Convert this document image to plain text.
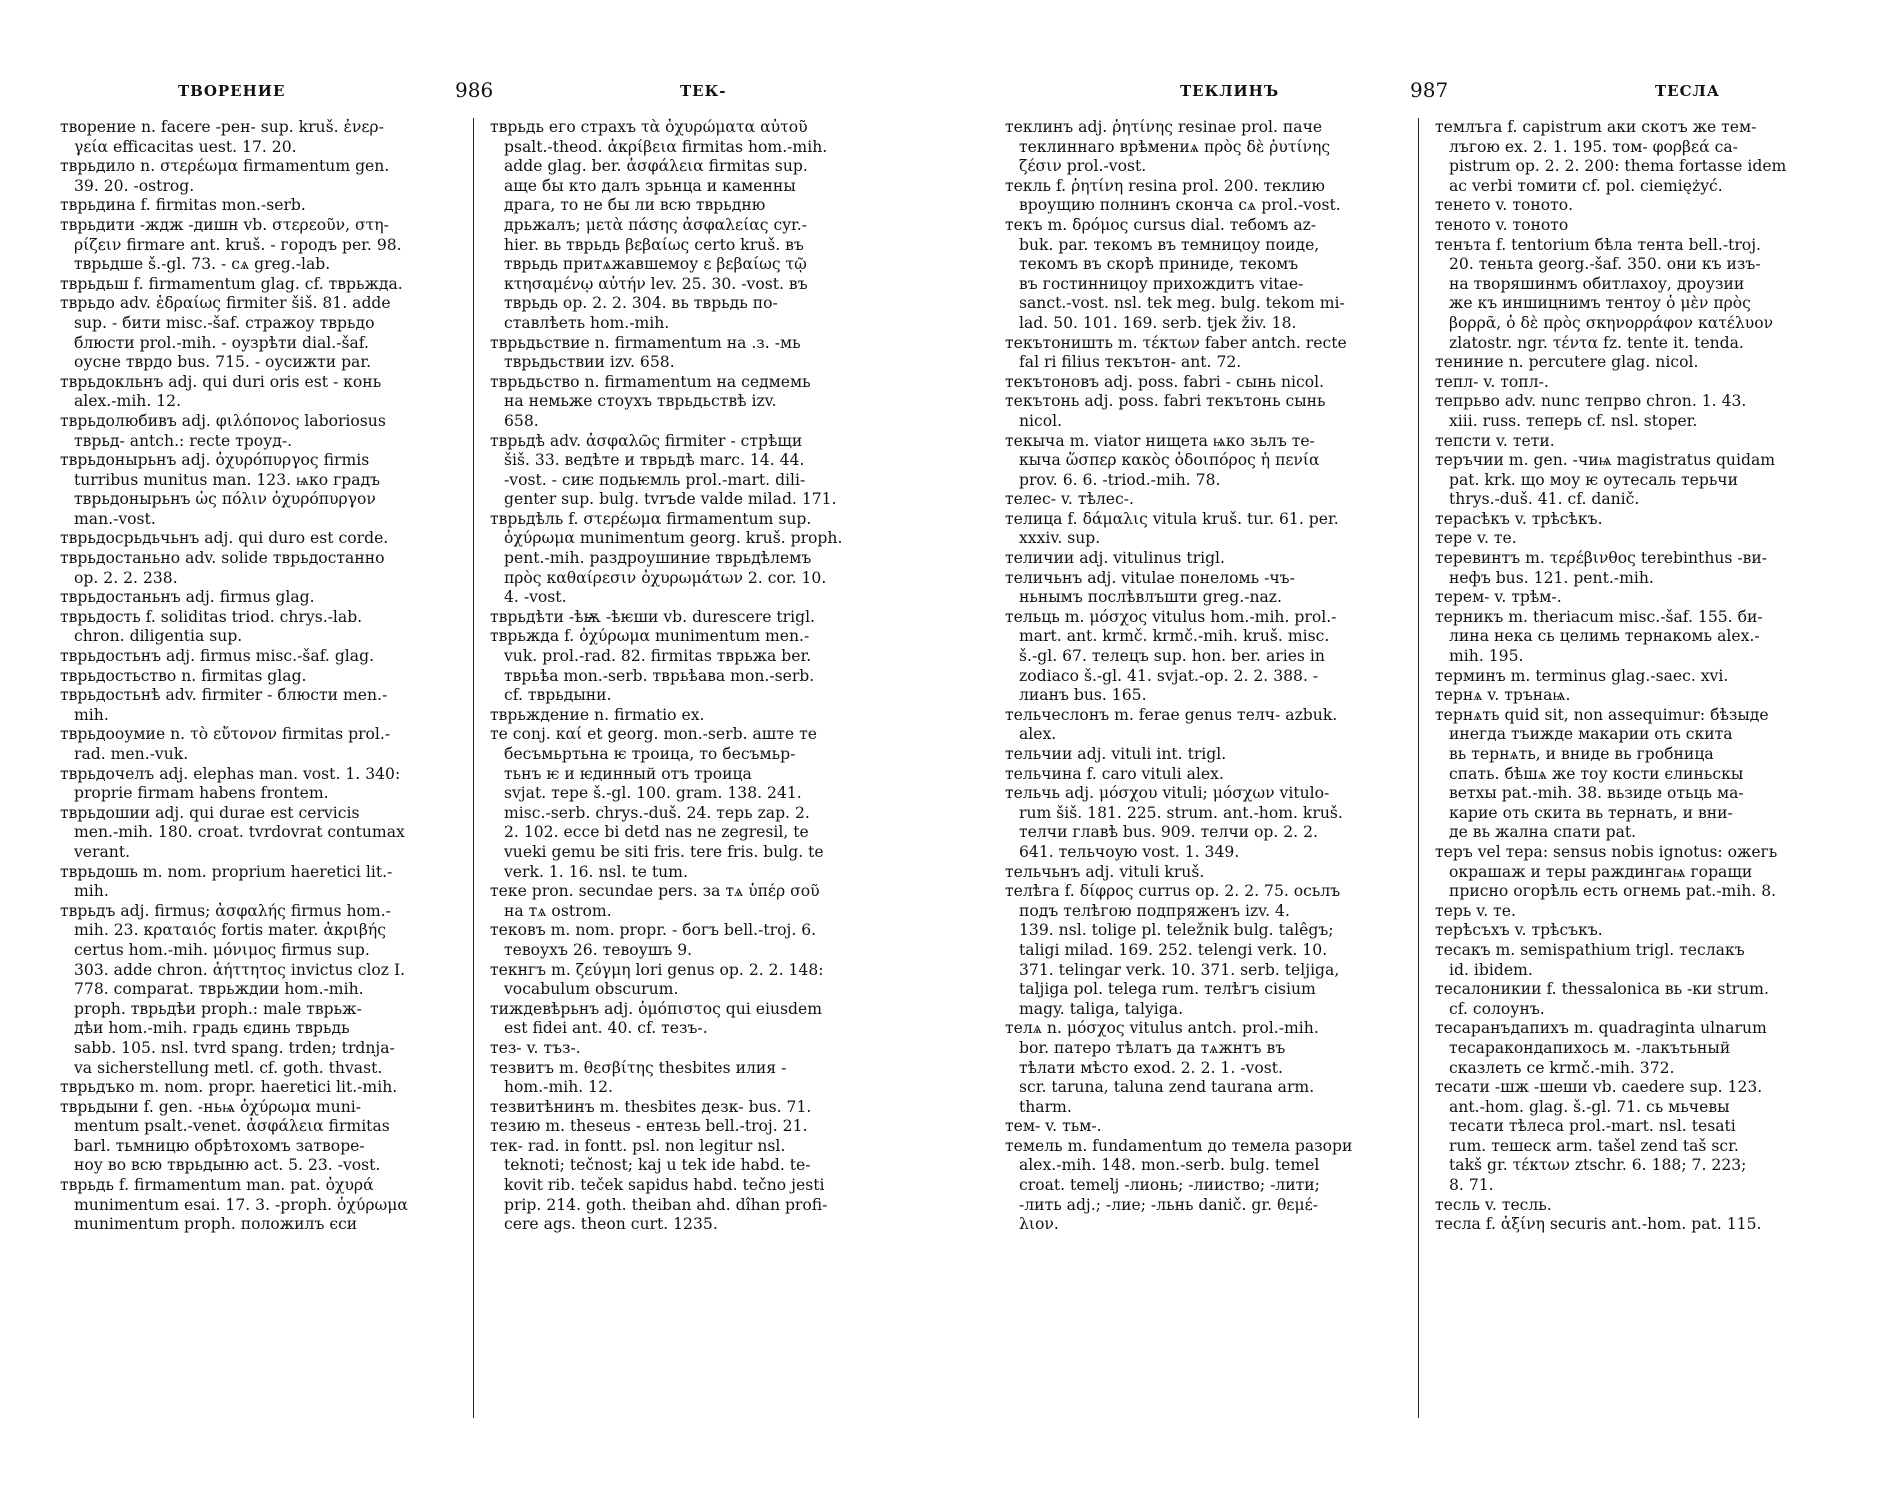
ТВОРЕНИЕ	986	ТЕК-
творение n. facere -рен- sup. kruš. ἐνερ-
γεία efficacitas uest. 17. 20.
тврьдило n. στερέωμα firmamentum gen.
39. 20. -ostrog.
тврьдина f. firmitas mon.-serb.
тврьдити -ждж -дишн vb. στερεοῦν, στη-
ρίζειν firmare ant. kruš. - городъ per. 98.
тврьдше š.-gl. 73. - сѧ greg.-lab.
тврьдьш f. firmamentum glag. cf. тврьжда.
тврьдо adv. ἑδραίως firmiter šiš. 81. adde
sup. - бити misc.-šaf. стражоу тврьдо
блюсти prol.-mih. - оузрѣти dial.-šaf.
оусне тврдо bus. 715. - оусижти par.
тврьдокльнъ adj. qui duri oris est - конь
alex.-mih. 12.
тврьдолюбивъ adj. φιλόπονος laboriosus
тврьд- antch.: recte троуд-.
тврьдонырьнъ adj. ὀχυρόπυργος firmis
turribus munitus man. 123. ѩко градъ
тврьдонырьнъ ὡς πόλιν ὀχυρόπυργον
man.-vost.
тврьдосрьдьчьнъ adj. qui duro est corde.
тврьдостаньно adv. solide тврьдостанно
op. 2. 2. 238.
тврьдостаньнъ adj. firmus glag.
тврьдость f. soliditas triod. chrys.-lab.
chron. diligentia sup.
тврьдостьнъ adj. firmus misc.-šaf. glag.
тврьдостьство n. firmitas glag.
тврьдостьнѣ adv. firmiter - блюсти men.-
mih.
тврьдооумие n. τὸ εὔτονον firmitas prol.-
rad. men.-vuk.
тврьдочелъ adj. elephas man. vost. 1. 340:
proprie firmam habens frontem.
тврьдошии adj. qui durae est cervicis
men.-mih. 180. croat. tvrdovrat contumax
verant.
тврьдошь m. nom. proprium haeretici lit.-
mih.
тврьдъ adj. firmus; ἀσφαλής firmus hom.-
mih. 23. κραταιός fortis mater. ἀκριβής
certus hom.-mih. μόνιμος firmus sup.
303. adde chron. ἀήττητος invictus cloz I.
778. comparat. тврьждии hom.-mih.
proph. тврьдѣи proph.: male тврьж-
дѣи hom.-mih. градь єдинь тврьдь
sabb. 105. nsl. tvrd spang. trden; trdnja-
va sicherstellung metl. cf. goth. thvast.
тврьдъко m. nom. propr. haeretici lit.-mih.
тврьдыни f. gen. -ньѩ ὀχύρωμα muni-
mentum psalt.-venet. ἀσφάλεια firmitas
barl. тьмницю обрѣтохомъ затворе-
ноу во всю тврьдыню act. 5. 23. -vost.
тврьдь f. firmamentum man. pat. ὀχυρά
munimentum esai. 17. 3. -proph. ὀχύρωμα
munimentum proph. положилъ єси
тврьдь его страхъ τὰ ὀχυρώματα αὐτοῦ
psalt.-theod. ἀκρίβεια firmitas hom.-mih.
adde glag. ber. ἀσφάλεια firmitas sup.
аще бы кто далъ зрьнца и каменны
драга, то не бы ли всю тврьдню
дрьжалъ; μετὰ πάσης ἀσφαλείας cyr.-
hier. вь тврьдь βεβαίως certo kruš. въ
тврьдь притѧжавшемоу ε βεβαίως τῷ
κτησαμένῳ αὐτήν lev. 25. 30. -vost. въ
тврьдь op. 2. 2. 304. вь тврьдь по-
ставлѣеть hom.-mih.
тврьдьствие n. firmamentum на .з. -мь
тврьдьствии izv. 658.
тврьдьство n. firmamentum на седмемь
на немьже стоухъ тврьдьствѣ izv.
658.
тврьдѣ adv. ἀσφαλῶς firmiter - стрѣщи
šiš. 33. ведѣте и тврьдѣ marc. 14. 44.
-vost. - сиѥ подьѥмль prol.-mart. dili-
genter sup. bulg. tvrъde valde milad. 171.
тврьдѣль f. στερέωμα firmamentum sup.
ὀχύρωμα munimentum georg. kruš. proph.
pent.-mih. раздроушиние тврьдѣлемъ
πρὸς καθαίρεσιν ὀχυρωμάτων 2. cor. 10.
4. -vost.
тврьдѣти -ѣѭ -ѣѥши vb. durescere trigl.
тврьжда f. ὀχύρωμα munimentum men.-
vuk. prol.-rad. 82. firmitas тврьжа ber.
тврьѣа mon.-serb. тврьѣава mon.-serb.
cf. тврьдыни.
тврьждение n. firmatio ex.
те conj. καί et georg. mon.-serb. аште те
бесъмьртьна ѥ троица, то бесъмьр-
тьнъ ѥ и ѥдинный отъ троица
svjat. тере š.-gl. 100. gram. 138. 241.
misc.-serb. chrys.-duš. 24. терь zap. 2.
2. 102. ecce bi detd nas ne zegresil, te
vueki gemu be siti fris. tere fris. bulg. te
verk. 1. 16. nsl. te tum.
теке pron. secundae pers. за тѧ ὑπέρ σοῦ
на тѧ ostrom.
тековъ m. nom. propr. - богъ bell.-troj. 6.
тевоуxъ 26. тевоушъ 9.
текнгъ m. ζεύγμη lori genus op. 2. 2. 148:
vocabulum obscurum.
тиждевѣрьнъ adj. ὁμόπιστος qui eiusdem
est fidei ant. 40. cf. тезъ-.
тез- v. тъз-.
тезвитъ m. θεσβίτης thesbites илия -
hom.-mih. 12.
тезвитѣнинъ m. thesbites дезк- bus. 71.
тезию m. theseus - ентезь bell.-troj. 21.
тек- rad. in fontt. psl. non legitur nsl.
teknoti; tečnost; kaj u tek ide habd. te-
kovit rib. teček sapidus habd. tečno jesti
prip. 214. goth. theiban ahd. dîhan profi-
cere ags. theon curt. 1235.
ТЕКЛИНЪ	987	ТЕСЛА
теклинъ adj. ῥητίνης resinae prol. паче
теклиннаго врѣмениѧ πρὸς δὲ ῥυτίνης
ζέσιν prol.-vost.
текль f. ῥητίνη resina prol. 200. теклию
вроущию полнинъ сконча сѧ prol.-vost.
текъ m. δρόμος cursus dial. тебомъ az-
buk. par. текомъ въ темницоу поиде,
текомъ въ скорѣ приниде, текомъ
въ гостинницоу прихождитъ vitae-
sanct.-vost. nsl. tek meg. bulg. tekom mi-
lad. 50. 101. 169. serb. tjek živ. 18.
текътоништь m. τέκτων faber antch. recte
fal ri filius текътон- ant. 72.
текътоновъ adj. poss. fabri - сынь nicol.
текътонь adj. poss. fabri текътонь сынь
nicol.
текыча m. viator нищета ѩко зьлъ те-
кыча ὥσπερ κακὸς ὁδοιπόρος ἡ πενία
prov. 6. 6. -triod.-mih. 78.
телес- v. тѣлес-.
телица f. δάμαλις vitula kruš. tur. 61. per.
xxxiv. sup.
теличии adj. vitulinus trigl.
теличьнъ adj. vitulae понеломь -чъ-
ньнымъ послѣвлъшти greg.-naz.
тельць m. μόσχος vitulus hom.-mih. prol.-
mart. ant. krmč. krmč.-mih. kruš. misc.
š.-gl. 67. телецъ sup. hon. ber. aries in
zodiaco š.-gl. 41. svjat.-op. 2. 2. 388. -
лианъ bus. 165.
тельчеслонъ m. ferae genus телч- azbuk.
alex.
тельчии adj. vituli int. trigl.
тельчина f. caro vituli alex.
тельчь adj. μόσχου vituli; μόσχων vitulo-
rum šiš. 181. 225. strum. ant.-hom. kruš.
телчи главѣ bus. 909. телчи op. 2. 2.
641. тельчоую vost. 1. 349.
тельчьнъ adj. vituli kruš.
телѣга f. δίφρος currus op. 2. 2. 75. осьлъ
подъ телѣгою подпряженъ izv. 4.
139. nsl. tolige pl. teležnik bulg. talêgъ;
taligi milad. 169. 252. telengi verk. 10.
371. telingar verk. 10. 371. serb. teljiga,
taljiga pol. telega rum. телѣгъ cisium
magy. taliga, talyiga.
телѧ n. μόσχος vitulus antch. prol.-mih.
bor. патеро тѣлатъ да тѧжнтъ въ
тѣлати мѣсто exod. 2. 2. 1. -vost.
scr. taruna, taluna zend taurana arm.
tharm.
тем- v. тьм-.
темель m. fundamentum до темела разори
alex.-mih. 148. mon.-serb. bulg. temel
croat. temelj -лионь; -лииство; -лити;
-лить adj.; -лие; -льнь danič. gr. θεμέ-
λιον.
темлъга f. capistrum аки скотъ же тем-
лъгою ex. 2. 1. 195. том- φορβεά ca-
pistrum op. 2. 2. 200: thema fortasse idem
ac verbi томити cf. pol. ciemiężyć.
тенето v. тоното.
теното v. тоното
тенъта f. tentorium бѣла тента bell.-troj.
20. теньта georg.-šaf. 350. они къ изъ-
на творяшинмъ обитлахоу, дроузии
же къ иншицнимъ тентоу ὁ μὲν πρὸς
βορρᾶ, ὁ δὲ πρὸς σκηνορράφον κατέλυον
zlatostr. ngr. τέντα fz. tente it. tenda.
тениние n. percutere glag. nicol.
тепл- v. топл-.
тепрьво adv. nunc тепрво chron. 1. 43.
xiii. russ. теперь cf. nsl. stoper.
тепсти v. тети.
теръчии m. gen. -чиѩ magistratus quidam
pat. krk. що моу ѥ оутесаль терьчи
thrys.-duš. 41. cf. danič.
терасѣкъ v. трѣсѣкъ.
тере v. те.
теревинтъ m. τερέβινθος terebinthus -ви-
нефъ bus. 121. pent.-mih.
терем- v. трѣм-.
терникъ m. theriacum misc.-šaf. 155. би-
лина нека сь целимь тернакомь alex.-
mih. 195.
терминъ m. terminus glag.-saec. xvi.
тернѧ v. трънаѩ.
тернѧть quid sit, non assequimur: бѣзыде
инегда тъижде макарии оть скита
вь тернѧть, и вниде вь гробница
спать. бѣшѧ же тоу кости єлиньскы
ветхы pat.-mih. 38. вьзиде отьць ма-
карие оть скита вь тернать, и вни-
де вь жална спати pat.
теръ vel тера: sensus nobis ignotus: ожегь
окрашаж и теры раждингаѩ горащи
присно огорѣль есть огнемь pat.-mih. 8.
терь v. те.
терѣсъхъ v. трѣсъкъ.
тесакъ m. semispathium trigl. теслакъ
id. ibidem.
тесалоникии f. thessalonica вь -ки strum.
cf. солоунъ.
тесаранъдапихъ m. quadraginta ulnarum
тесаракондапихось м. -лакътьный
сказлеть се krmč.-mih. 372.
тесати -шж -шеши vb. caedere sup. 123.
ant.-hom. glag. š.-gl. 71. сь мьчевы
тесати тѣлеса prol.-mart. nsl. tesati
rum. тешеск arm. tašel zend taš scr.
takš gr. τέκτων ztschr. 6. 188; 7. 223;
8. 71.
тесль v. тесль.
тесла f. ἀξίνη securis ant.-hom. pat. 115.
